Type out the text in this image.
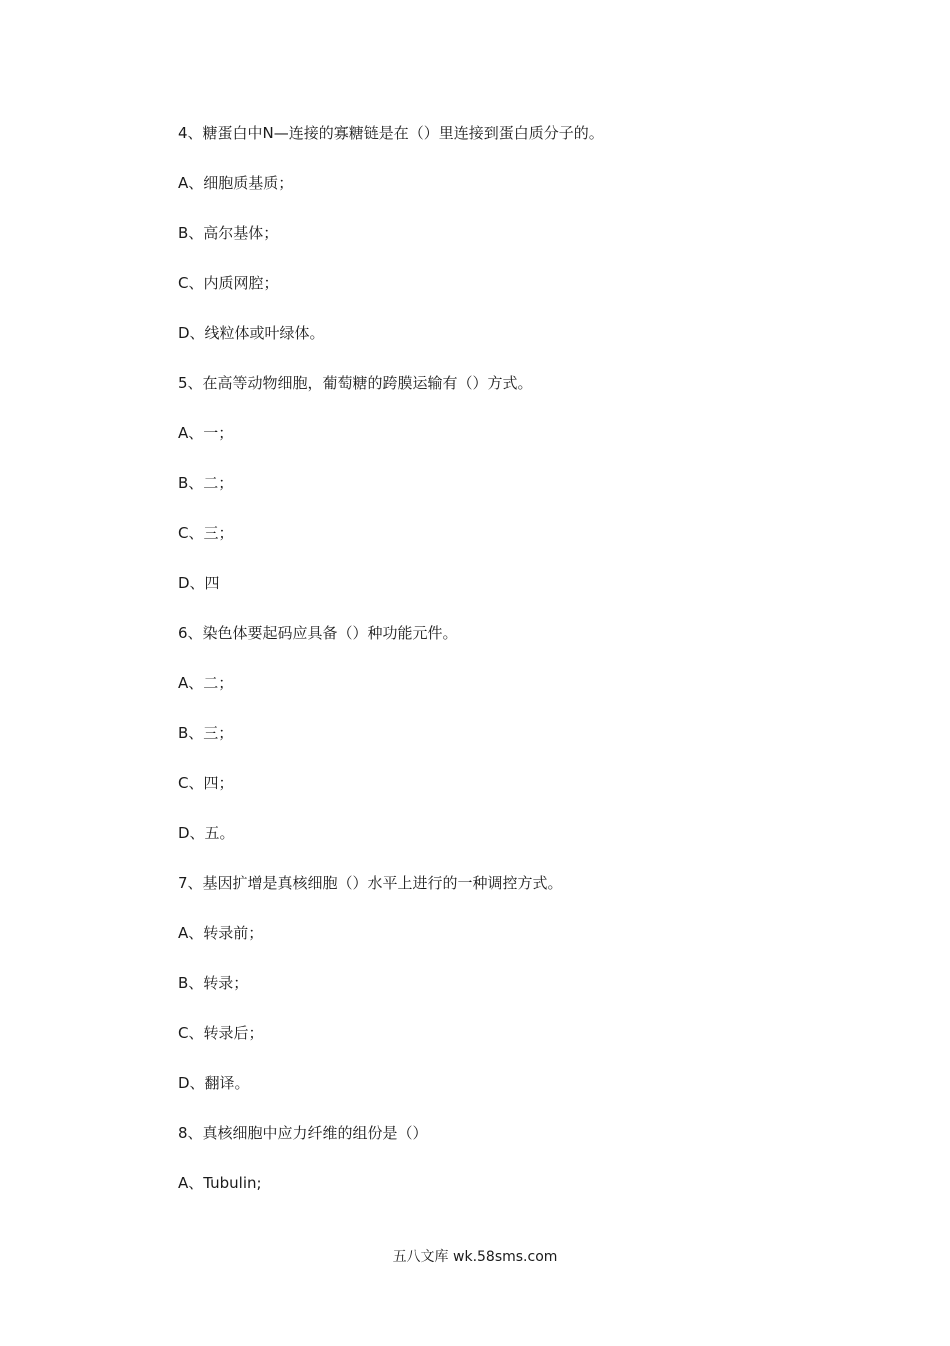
4、糖蛋白中N—连接的寡糖链是在（）里连接到蛋白质分子的。
A、细胞质基质；
B、高尔基体；
C、内质网腔；
D、线粒体或叶绿体。
5、在高等动物细胞，葡萄糖的跨膜运输有（）方式。
A、一；
B、二；
C、三；
D、四
6、染色体要起码应具备（）种功能元件。
A、二；
B、三；
C、四；
D、五。
7、基因扩增是真核细胞（）水平上进行的一种调控方式。
A、转录前；
B、转录；
C、转录后；
D、翻译。
8、真核细胞中应力纤维的组份是（）
A、Tubulin;
五八文库 wk.58sms.com
